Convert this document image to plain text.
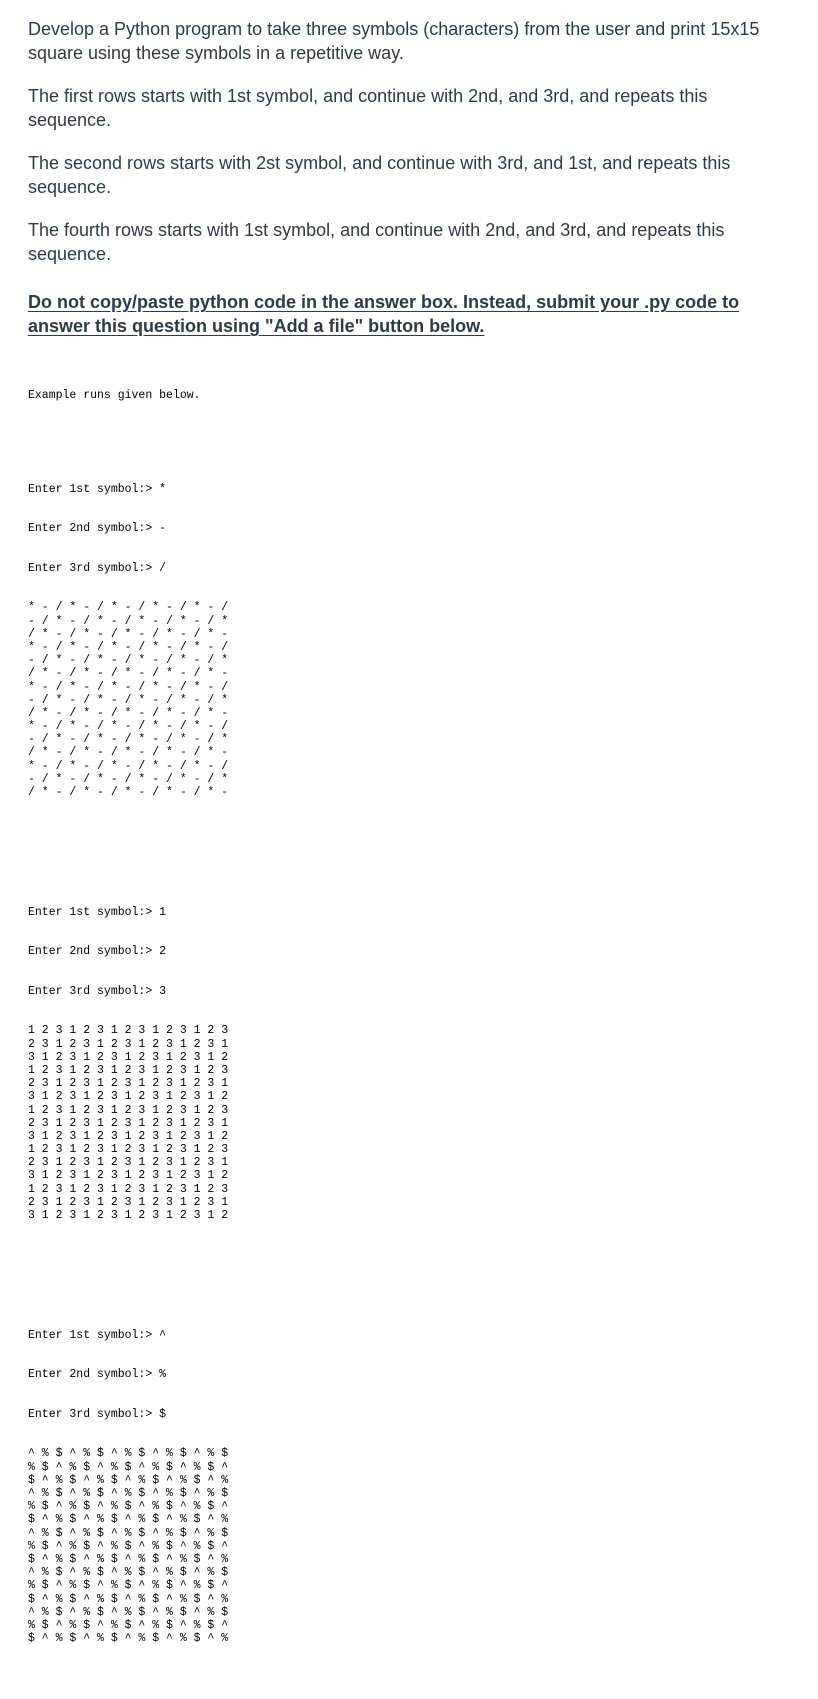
Develop a Python program to take three symbols (characters) from the user and print 15x15 square using these symbols in a repetitive way.

The first rows starts with 1st symbol, and continue with 2nd, and 3rd, and repeats this sequence.

The second rows starts with 2st symbol, and continue with 3rd, and 1st, and repeats this sequence.

The fourth rows starts with 1st symbol, and continue with 2nd, and 3rd, and repeats this sequence.

Do not copy/paste python code in the answer box. Instead, submit your .py code to answer this question using "Add a file" button below.

Example runs given below.

Enter 1st symbol:> *

Enter 2nd symbol:> -

Enter 3rd symbol:> /

* - / * - / * - / * - / * - /
- / * - / * - / * - / * - / *
/ * - / * - / * - / * - / * -
* - / * - / * - / * - / * - /
- / * - / * - / * - / * - / *
/ * - / * - / * - / * - / * -
* - / * - / * - / * - / * - /
- / * - / * - / * - / * - / *
/ * - / * - / * - / * - / * -
* - / * - / * - / * - / * - /
- / * - / * - / * - / * - / *
/ * - / * - / * - / * - / * -
* - / * - / * - / * - / * - /
- / * - / * - / * - / * - / *
/ * - / * - / * - / * - / * -

Enter 1st symbol:> 1

Enter 2nd symbol:> 2

Enter 3rd symbol:> 3

1 2 3 1 2 3 1 2 3 1 2 3 1 2 3
2 3 1 2 3 1 2 3 1 2 3 1 2 3 1
3 1 2 3 1 2 3 1 2 3 1 2 3 1 2
1 2 3 1 2 3 1 2 3 1 2 3 1 2 3
2 3 1 2 3 1 2 3 1 2 3 1 2 3 1
3 1 2 3 1 2 3 1 2 3 1 2 3 1 2
1 2 3 1 2 3 1 2 3 1 2 3 1 2 3
2 3 1 2 3 1 2 3 1 2 3 1 2 3 1
3 1 2 3 1 2 3 1 2 3 1 2 3 1 2
1 2 3 1 2 3 1 2 3 1 2 3 1 2 3
2 3 1 2 3 1 2 3 1 2 3 1 2 3 1
3 1 2 3 1 2 3 1 2 3 1 2 3 1 2
1 2 3 1 2 3 1 2 3 1 2 3 1 2 3
2 3 1 2 3 1 2 3 1 2 3 1 2 3 1
3 1 2 3 1 2 3 1 2 3 1 2 3 1 2

Enter 1st symbol:> ^

Enter 2nd symbol:> %

Enter 3rd symbol:> $

^ % $ ^ % $ ^ % $ ^ % $ ^ % $
% $ ^ % $ ^ % $ ^ % $ ^ % $ ^
$ ^ % $ ^ % $ ^ % $ ^ % $ ^ %
^ % $ ^ % $ ^ % $ ^ % $ ^ % $
% $ ^ % $ ^ % $ ^ % $ ^ % $ ^
$ ^ % $ ^ % $ ^ % $ ^ % $ ^ %
^ % $ ^ % $ ^ % $ ^ % $ ^ % $
% $ ^ % $ ^ % $ ^ % $ ^ % $ ^
$ ^ % $ ^ % $ ^ % $ ^ % $ ^ %
^ % $ ^ % $ ^ % $ ^ % $ ^ % $
% $ ^ % $ ^ % $ ^ % $ ^ % $ ^
$ ^ % $ ^ % $ ^ % $ ^ % $ ^ %
^ % $ ^ % $ ^ % $ ^ % $ ^ % $
% $ ^ % $ ^ % $ ^ % $ ^ % $ ^
$ ^ % $ ^ % $ ^ % $ ^ % $ ^ %
